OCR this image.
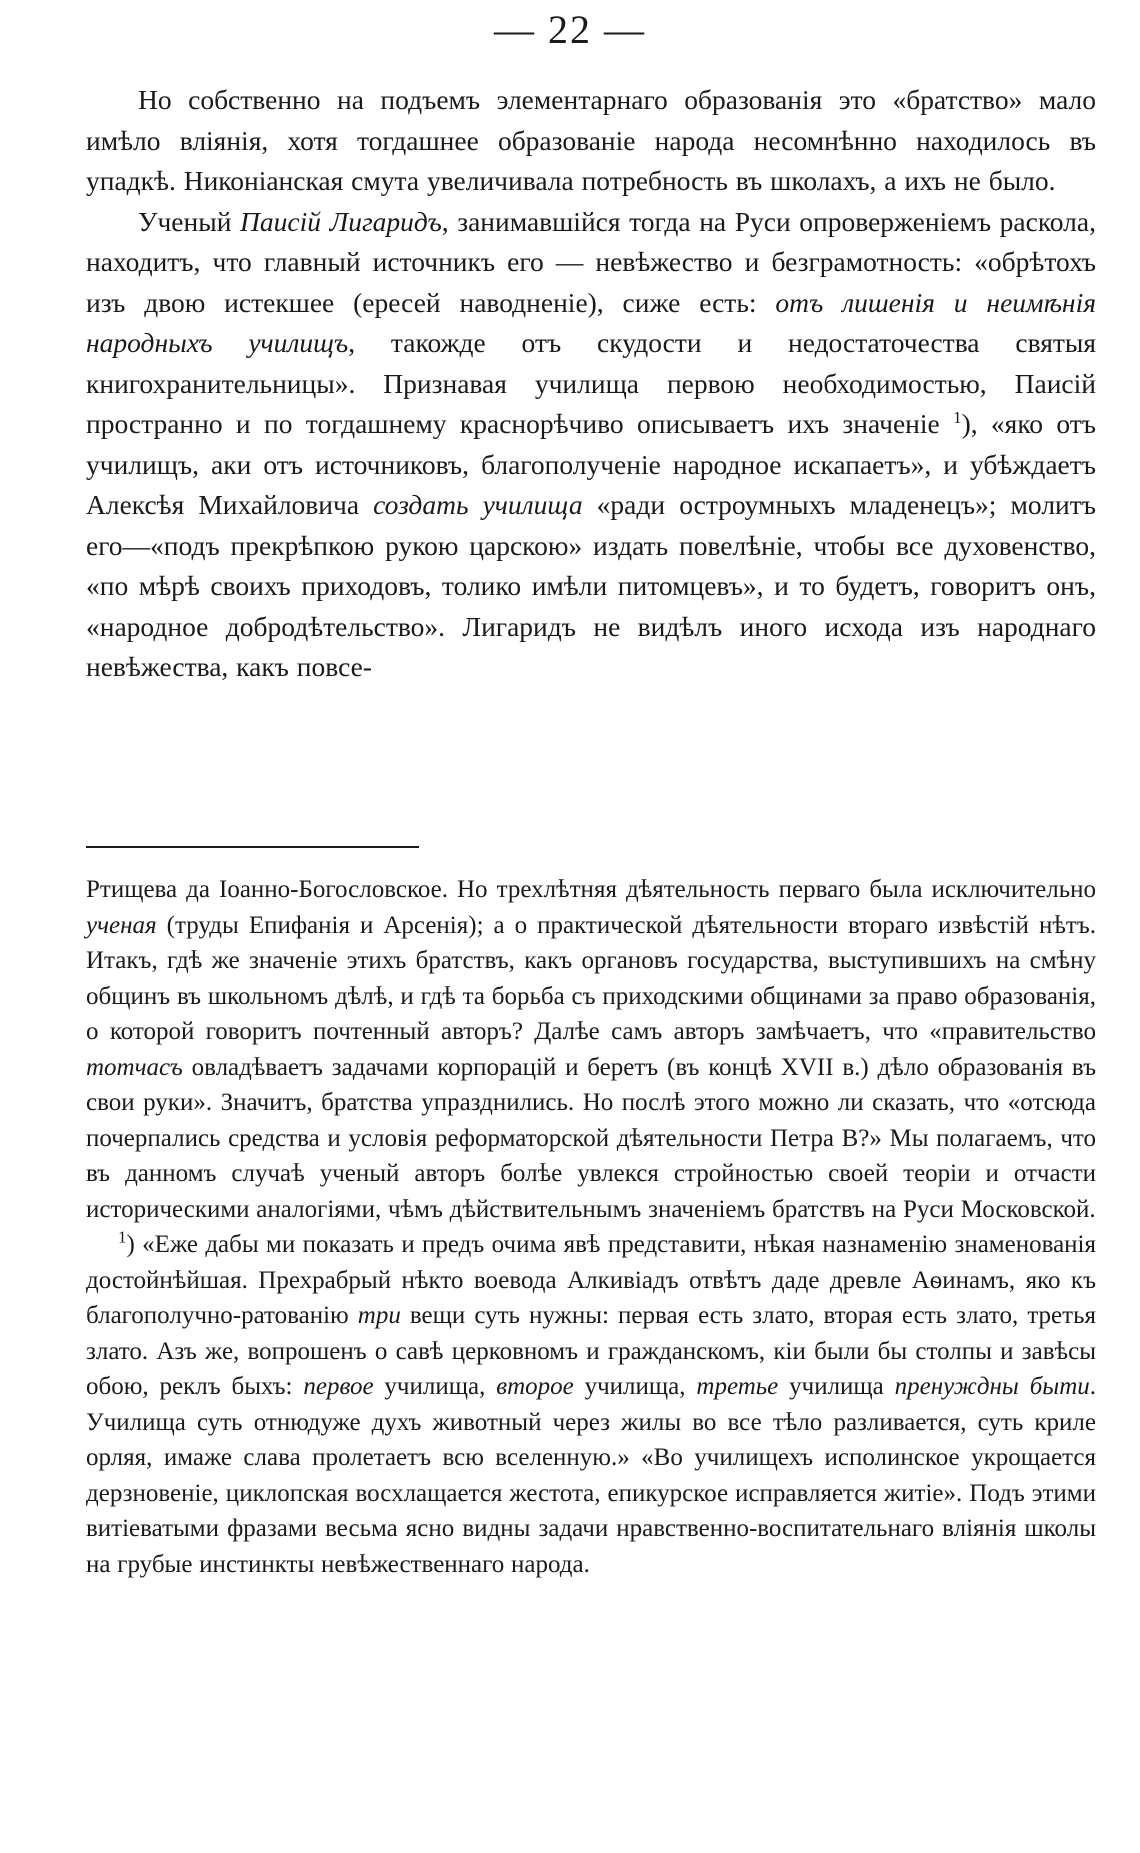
— 22 —

Но собственно на подъемъ элементарнаго образованія это «братство» мало имѣло вліянія, хотя тогдашнее образованіе народа несомнѣнно находилось въ упадкѣ. Никоніанская смута увеличивала потребность въ школахъ, а ихъ не было.

Ученый Паисій Лигаридъ, занимавшійся тогда на Руси опроверженіемъ раскола, находитъ, что главный источникъ его — невѣжество и безграмотность: «обрѣтохъ изъ двою истекшее (ересей наводненіе), сиже есть: отъ лишенія и неимѣнія народныхъ училищъ, такожде отъ скудости и недостаточества святыя книгохранительницы». Признавая училища первою необходимостью, Паисій пространно и по тогдашнему краснорѣчиво описываетъ ихъ значеніе $^1$), «яко отъ училищъ, аки отъ источниковъ, благополученіе народное искапаетъ», и убѣждаетъ Алексѣя Михайловича создать училища «ради остроумныхъ младенецъ»; молитъ его—«подъ прекрѣпкою рукою царскою» издать повелѣніе, чтобы все духовенство, «по мѣрѣ своихъ приходовъ, толико имѣли питомцевъ», и то будетъ, говоритъ онъ, «народное добродѣтельство». Лигаридъ не видѣлъ иного исхода изъ народнаго невѣжества, какъ повсе-

Ртищева да Іоанно-Богословское. Но трехлѣтняя дѣятельность перваго была исключительно ученая (труды Епифанія и Арсенія); а о практической дѣятельности втораго извѣстій нѣтъ. Итакъ, гдѣ же значеніе этихъ братствъ, какъ органовъ государства, выступившихъ на смѣну общинъ въ школьномъ дѣлѣ, и гдѣ та борьба съ приходскими общинами за право образованія, о которой говоритъ почтенный авторъ? Далѣе самъ авторъ замѣчаетъ, что «правительство тотчасъ овладѣваетъ задачами корпорацій и беретъ (въ концѣ XVII в.) дѣло образованія въ свои руки». Значитъ, братства упразднились. Но послѣ этого можно ли сказать, что «отсюда почерпались средства и условія реформаторской дѣятельности Петра В?» Мы полагаемъ, что въ данномъ случаѣ ученый авторъ болѣе увлекся стройностью своей теоріи и отчасти историческими аналогіями, чѣмъ дѣйствительнымъ значеніемъ братствъ на Руси Московской.

$^1$) «Еже дабы ми показать и предъ очима явѣ представити, нѣкая назнаменію знаменованія достойнѣйшая. Прехрабрый нѣкто воевода Алкивіадъ отвѣтъ даде древле Аѳинамъ, яко къ благополучно-ратованію три вещи суть нужны: первая есть злато, вторая есть злато, третья злато. Азъ же, вопрошенъ о савѣ церковномъ и гражданскомъ, кіи были бы столпы и завѣсы обою, реклъ быхъ: первое училища, второе училища, третье училища пренуждны быти. Училища суть отнюдуже духъ животный через жилы во все тѣло разливается, суть криле орляя, имаже слава пролетаетъ всю вселенную.» «Во училищехъ исполинское укрощается дерзновеніе, циклопская восхлащается жестота, епикурское исправляется житіе». Подъ этими витіеватыми фразами весьма ясно видны задачи нравственно-воспитательнаго вліянія школы на грубые инстинкты невѣжественнаго народа.
